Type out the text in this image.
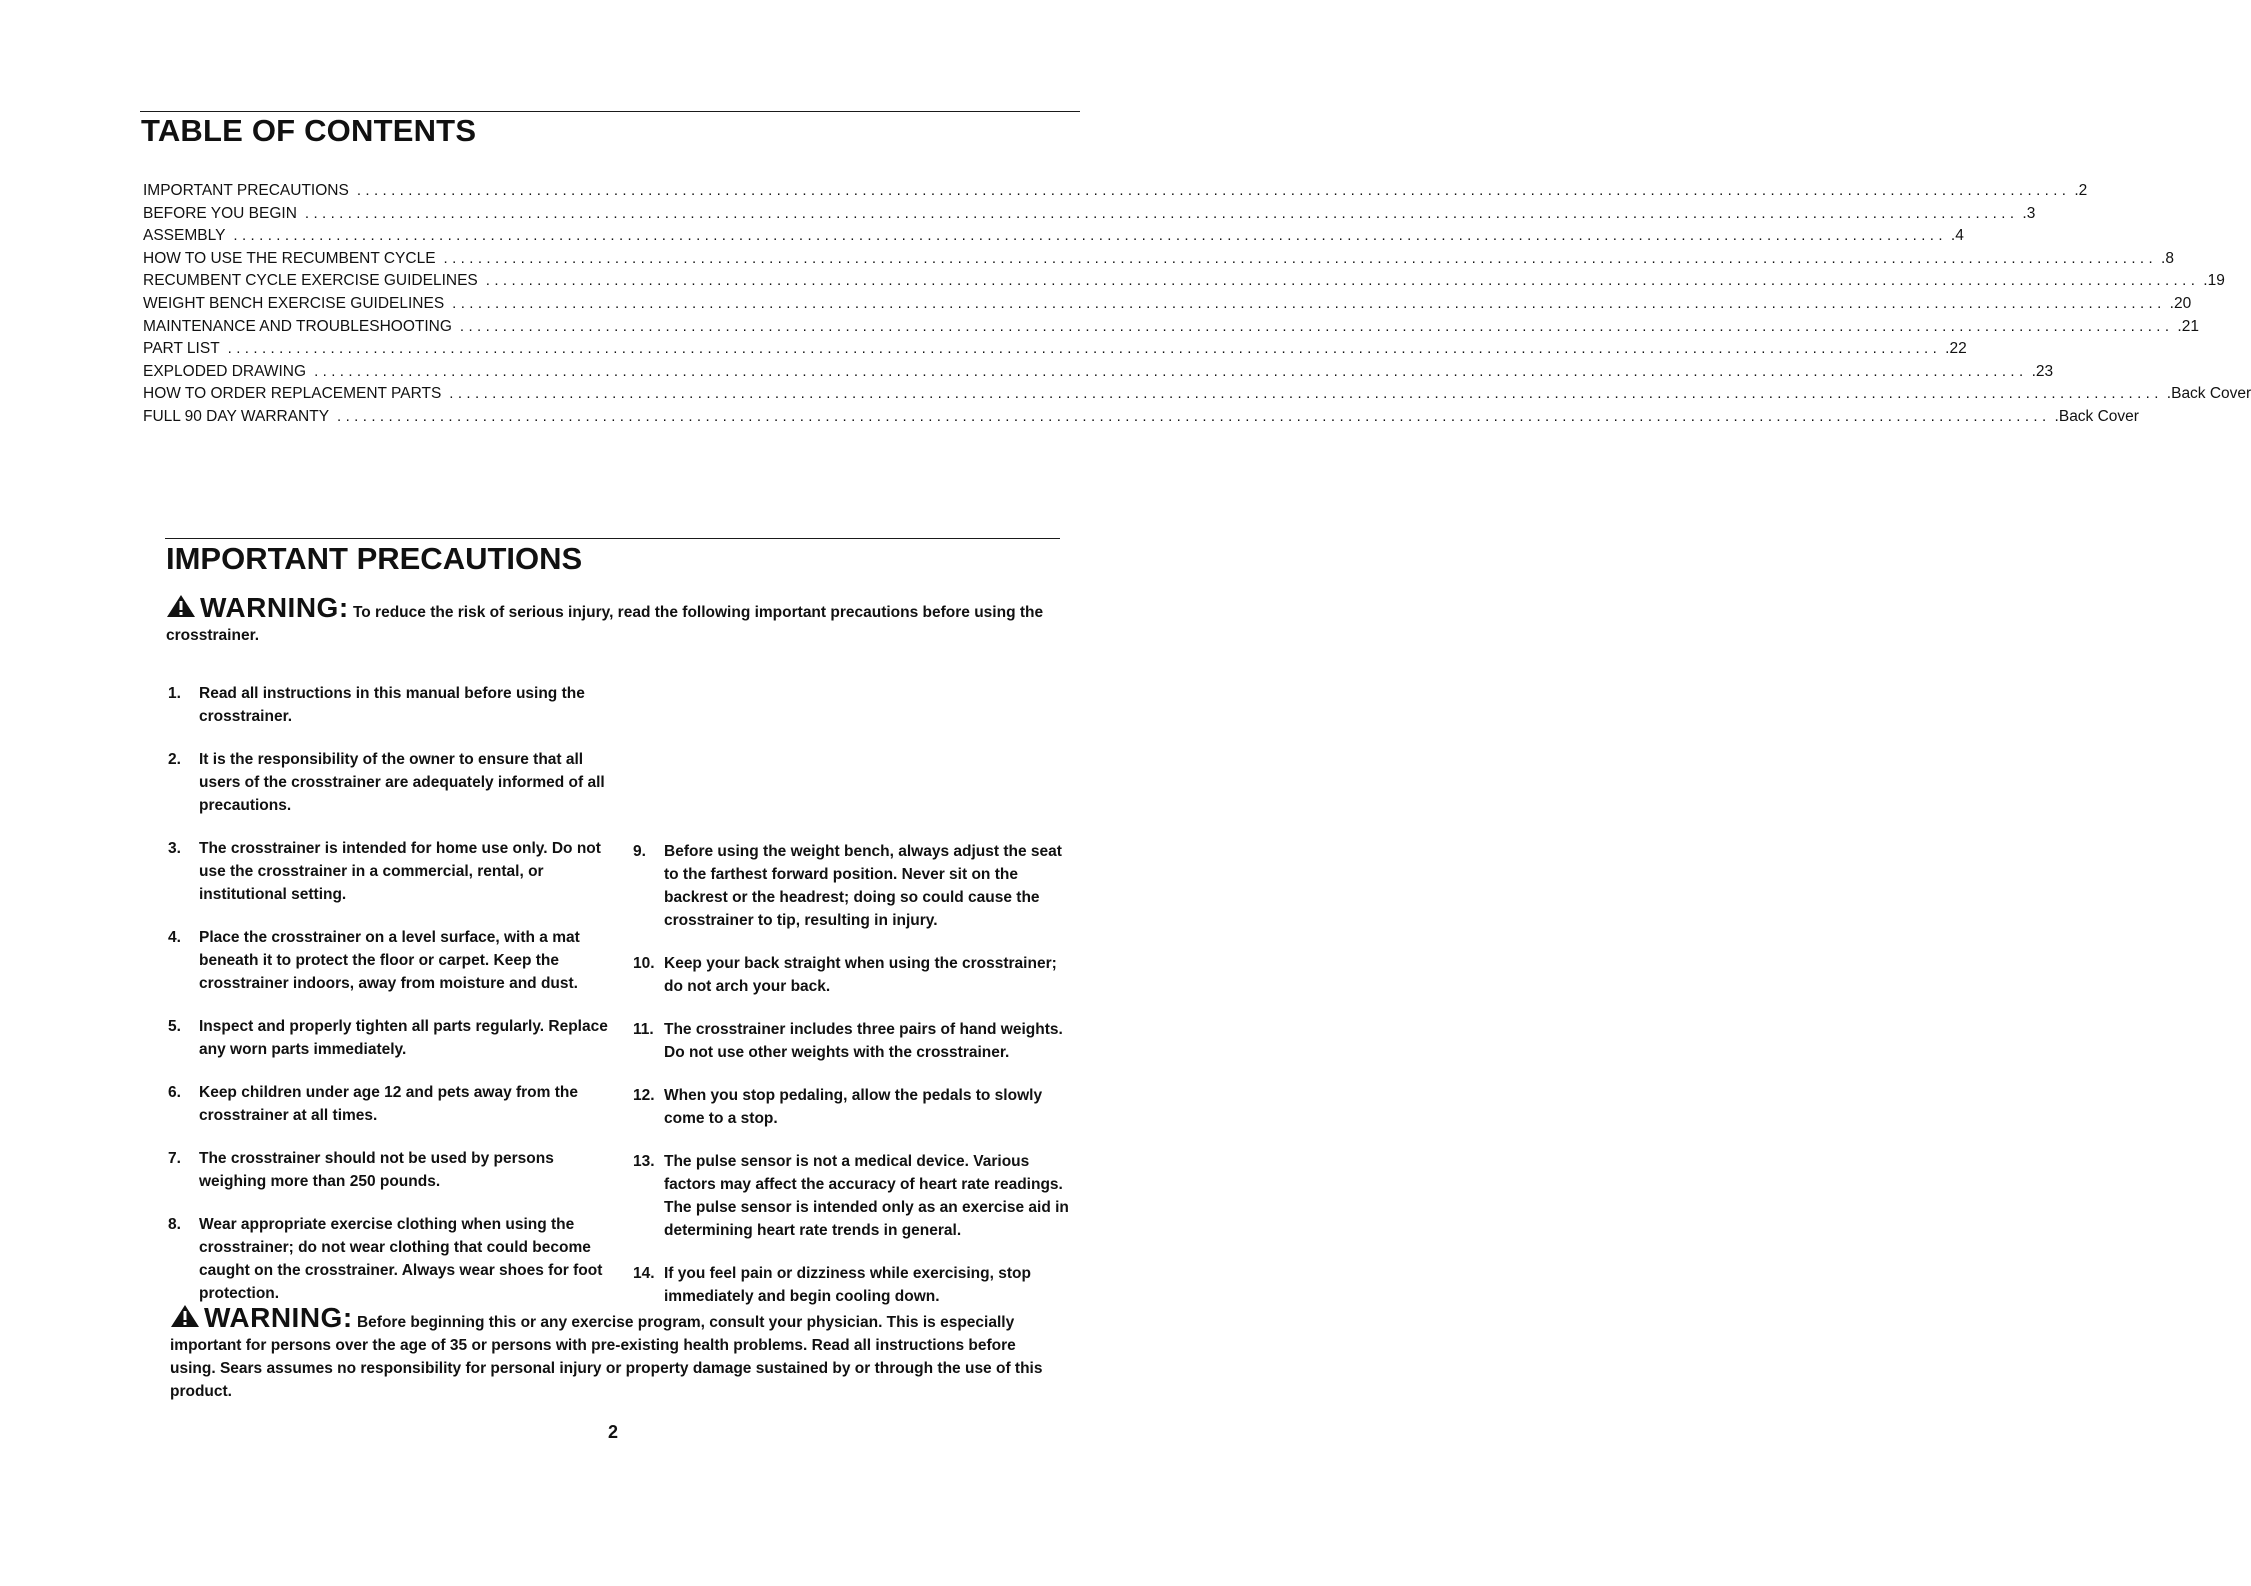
TABLE OF CONTENTS
IMPORTANT PRECAUTIONS ........................................................................................................................................................................................................ .2
BEFORE YOU BEGIN ........................................................................................................................................................................................................ .3
ASSEMBLY ........................................................................................................................................................................................................ .4
HOW TO USE THE RECUMBENT CYCLE ........................................................................................................................................................................................................ .8
RECUMBENT CYCLE EXERCISE GUIDELINES ........................................................................................................................................................................................................ .19
WEIGHT BENCH EXERCISE GUIDELINES ........................................................................................................................................................................................................ .20
MAINTENANCE AND TROUBLESHOOTING ........................................................................................................................................................................................................ .21
PART LIST ........................................................................................................................................................................................................ .22
EXPLODED DRAWING ........................................................................................................................................................................................................ .23
HOW TO ORDER REPLACEMENT PARTS ........................................................................................................................................................................................................ .Back Cover
FULL 90 DAY WARRANTY ........................................................................................................................................................................................................ .Back Cover
IMPORTANT PRECAUTIONS
WARNING: To reduce the risk of serious injury, read the following important precautions before using the crosstrainer.
1. Read all instructions in this manual before using the crosstrainer.
2. It is the responsibility of the owner to ensure that all users of the crosstrainer are adequately informed of all precautions.
3. The crosstrainer is intended for home use only. Do not use the crosstrainer in a commercial, rental, or institutional setting.
4. Place the crosstrainer on a level surface, with a mat beneath it to protect the floor or carpet. Keep the crosstrainer indoors, away from moisture and dust.
5. Inspect and properly tighten all parts regularly. Replace any worn parts immediately.
6. Keep children under age 12 and pets away from the crosstrainer at all times.
7. The crosstrainer should not be used by persons weighing more than 250 pounds.
8. Wear appropriate exercise clothing when using the crosstrainer; do not wear clothing that could become caught on the crosstrainer. Always wear shoes for foot protection.
9. Before using the weight bench, always adjust the seat to the farthest forward position. Never sit on the backrest or the headrest; doing so could cause the crosstrainer to tip, resulting in injury.
10. Keep your back straight when using the crosstrainer; do not arch your back.
11. The crosstrainer includes three pairs of hand weights. Do not use other weights with the crosstrainer.
12. When you stop pedaling, allow the pedals to slowly come to a stop.
13. The pulse sensor is not a medical device. Various factors may affect the accuracy of heart rate readings. The pulse sensor is intended only as an exercise aid in determining heart rate trends in general.
14. If you feel pain or dizziness while exercising, stop immediately and begin cooling down.
WARNING: Before beginning this or any exercise program, consult your physician. This is especially important for persons over the age of 35 or persons with pre-existing health problems. Read all instructions before using. Sears assumes no responsibility for personal injury or property damage sustained by or through the use of this product.
2
